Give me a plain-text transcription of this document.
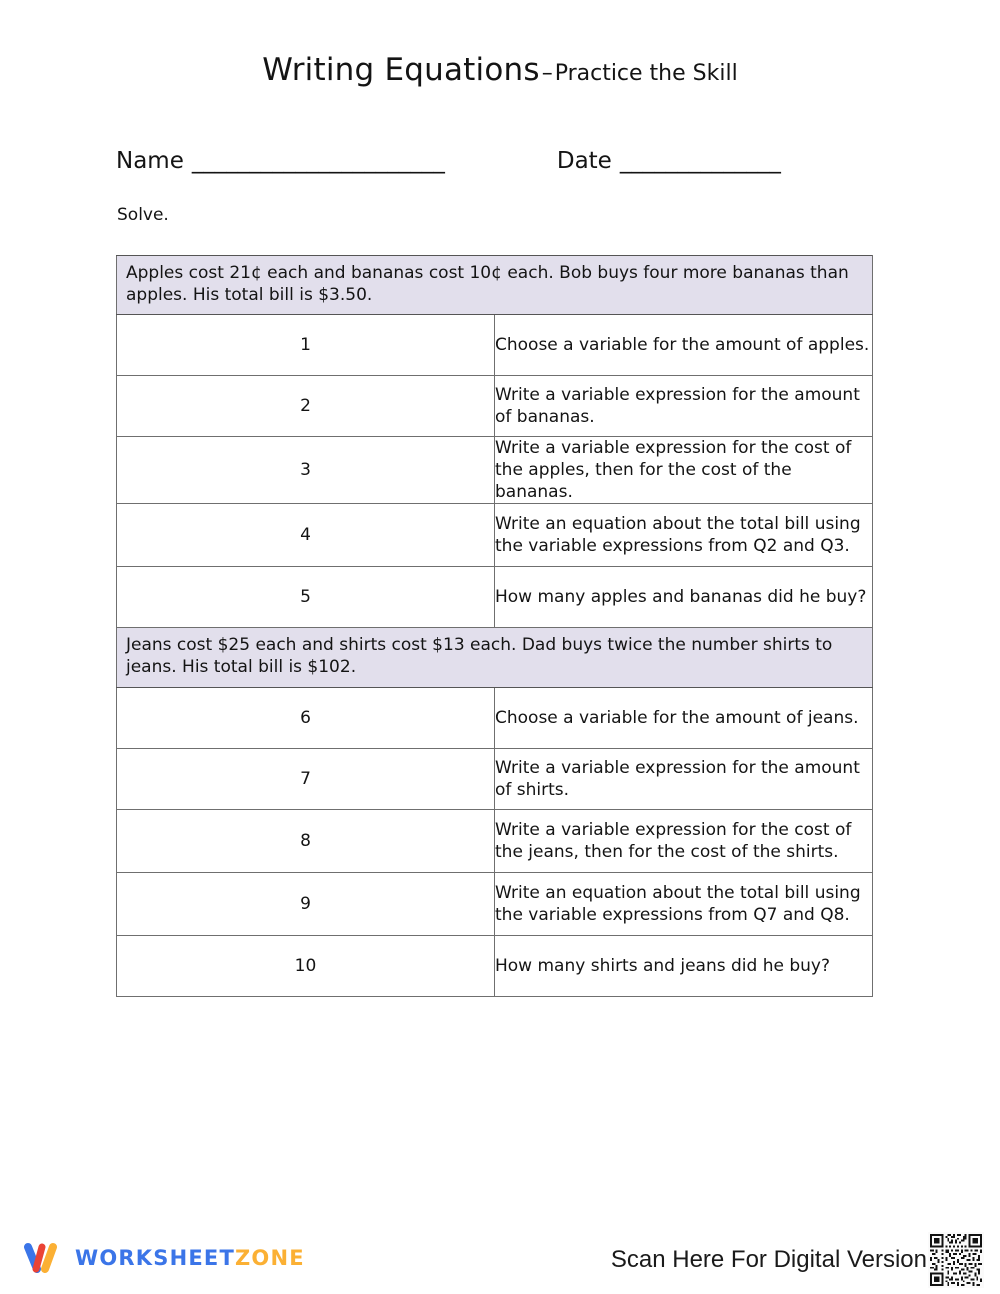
Writing Equations–Practice the Skill
Name ______________________	Date ______________
Solve.
Apples cost 21¢ each and bananas cost 10¢ each. Bob buys four more bananas than apples. His total bill is $3.50.	
1	Choose a variable for the amount of apples.
2	Write a variable expression for the amount of bananas.
3	Write a variable expression for the cost of the apples, then for the cost of the bananas.
4	Write an equation about the total bill using the variable expressions from Q2 and Q3.
5	How many apples and bananas did he buy?
Jeans cost $25 each and shirts cost $13 each. Dad buys twice the number shirts to jeans. His total bill is $102.	
6	Choose a variable for the amount of jeans.
7	Write a variable expression for the amount of shirts.
8	Write a variable expression for the cost of the jeans, then for the cost of the shirts.
9	Write an equation about the total bill using the variable expressions from Q7 and Q8.
10	How many shirts and jeans did he buy?
WORKSHEETZONE	Scan Here For Digital Version
